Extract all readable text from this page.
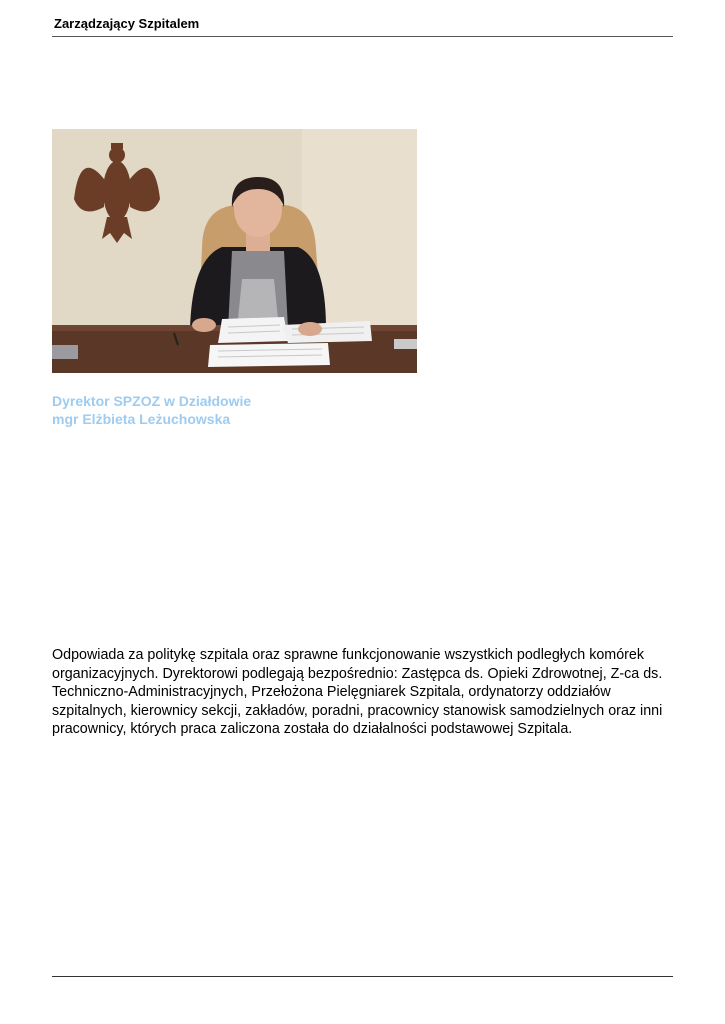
Zarządzający Szpitalem
Dyrektor SPZOZ w Działdowie
mgr Elżbieta Leżuchowska

Odpowiada za politykę szpitala oraz sprawne funkcjonowanie wszystkich podległych komórek organizacyjnych. Dyrektorowi podlegają bezpośrednio: Zastępca ds. Opieki Zdrowotnej, Z-ca ds. Techniczno-Administracyjnych, Przełożona Pielęgniarek Szpitala, ordynatorzy oddziałów szpitalnych, kierownicy sekcji, zakładów, poradni, pracownicy stanowisk samodzielnych oraz inni pracownicy, których praca zaliczona została do działalności podstawowej Szpitala.
